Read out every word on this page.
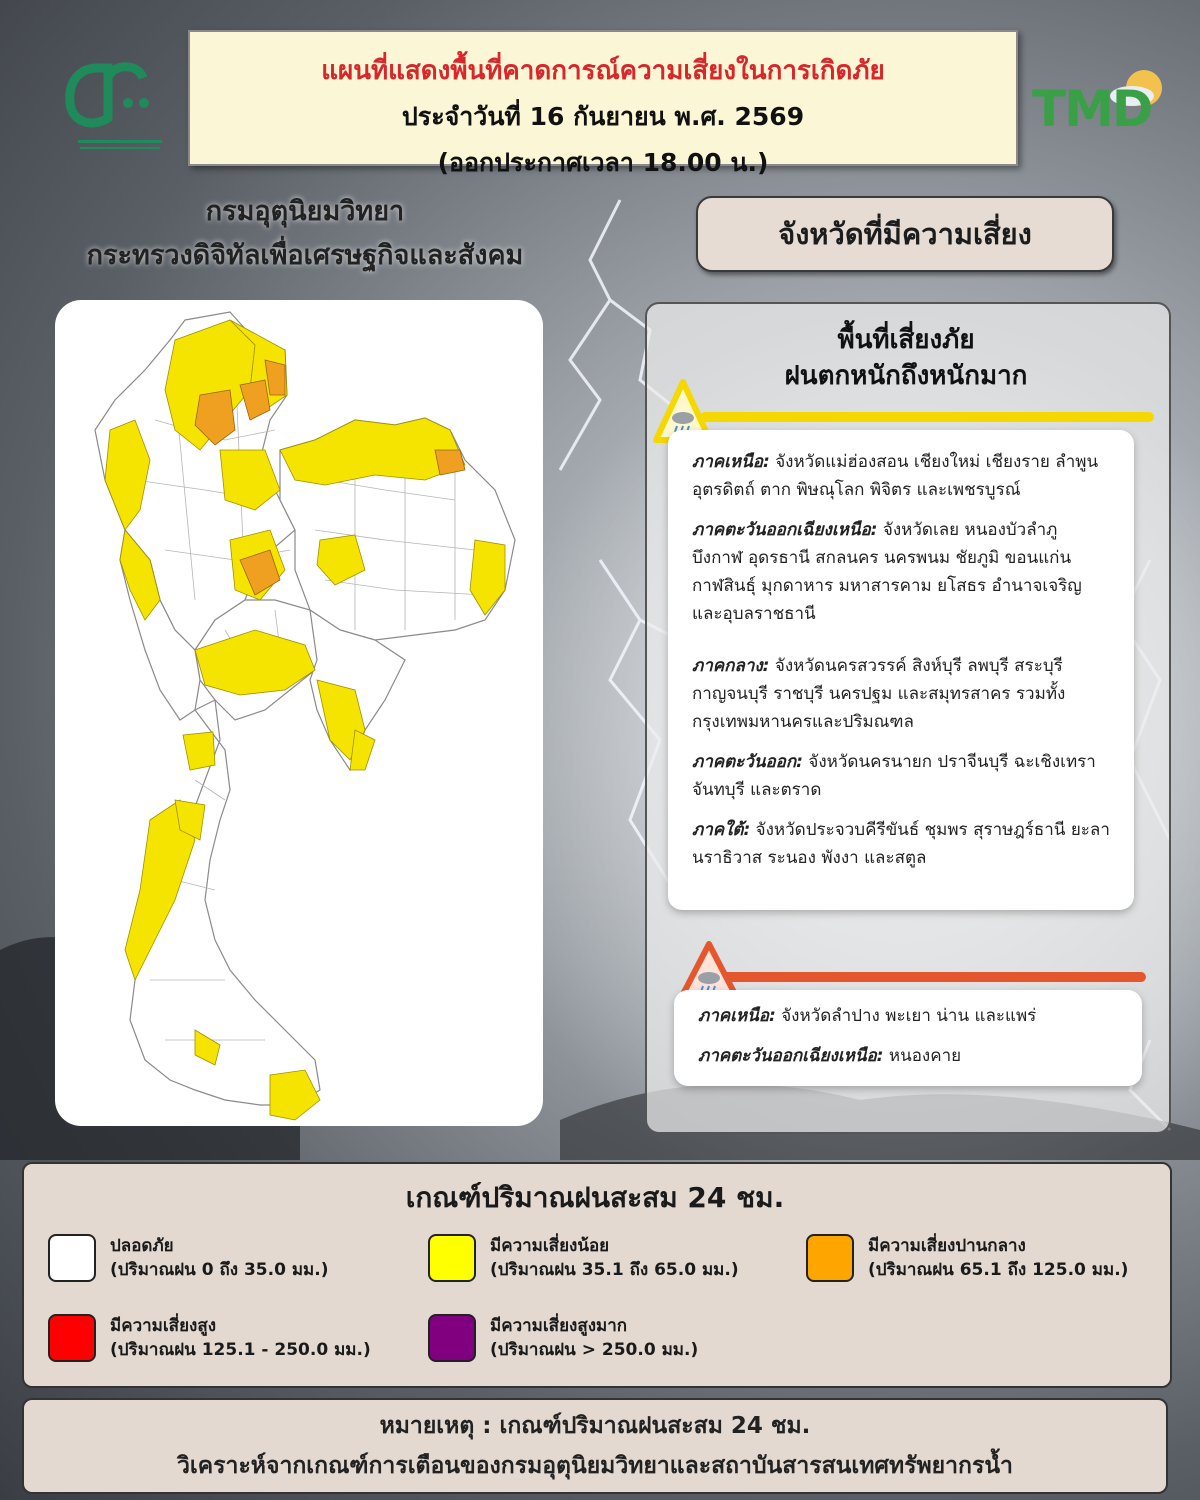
แผนที่แสดงพื้นที่คาดการณ์ความเสี่ยงในการเกิดภัย
ประจำวันที่ 16 กันยายน พ.ศ. 2569
(ออกประกาศเวลา 18.00 น.)
TMD
กรมอุตุนิยมวิทยา
กระทรวงดิจิทัลเพื่อเศรษฐกิจและสังคม
จังหวัดที่มีความเสี่ยง
พื้นที่เสี่ยงภัย
ฝนตกหนักถึงหนักมาก

ภาคเหนือ: จังหวัดแม่ฮ่องสอน เชียงใหม่ เชียงราย ลำพูน อุตรดิตถ์ ตาก พิษณุโลก พิจิตร และเพชรบูรณ์

ภาคตะวันออกเฉียงเหนือ: จังหวัดเลย หนองบัวลำภู บึงกาฬ อุดรธานี สกลนคร นครพนม ชัยภูมิ ขอนแก่น กาฬสินธุ์ มุกดาหาร มหาสารคาม ยโสธร อำนาจเจริญ และอุบลราชธานี

ภาคกลาง: จังหวัดนครสวรรค์ สิงห์บุรี ลพบุรี สระบุรี กาญจนบุรี ราชบุรี นครปฐม และสมุทรสาคร รวมทั้งกรุงเทพมหานครและปริมณฑล

ภาคตะวันออก: จังหวัดนครนายก ปราจีนบุรี ฉะเชิงเทรา จันทบุรี และตราด

ภาคใต้: จังหวัดประจวบคีรีขันธ์ ชุมพร สุราษฎร์ธานี ยะลา นราธิวาส ระนอง พังงา และสตูล

ภาคเหนือ: จังหวัดลำปาง พะเยา น่าน และแพร่

ภาคตะวันออกเฉียงเหนือ: หนองคาย

เกณฑ์ปริมาณฝนสะสม 24 ชม.
ปลอดภัย
(ปริมาณฝน 0 ถึง 35.0 มม.)
มีความเสี่ยงน้อย
(ปริมาณฝน 35.1 ถึง 65.0 มม.)
มีความเสี่ยงปานกลาง
(ปริมาณฝน 65.1 ถึง 125.0 มม.)
มีความเสี่ยงสูง
(ปริมาณฝน 125.1 - 250.0 มม.)
มีความเสี่ยงสูงมาก
(ปริมาณฝน > 250.0 มม.)
หมายเหตุ : เกณฑ์ปริมาณฝนสะสม 24 ชม.
วิเคราะห์จากเกณฑ์การเตือนของกรมอุตุนิยมวิทยาและสถาบันสารสนเทศทรัพยากรน้ำ
